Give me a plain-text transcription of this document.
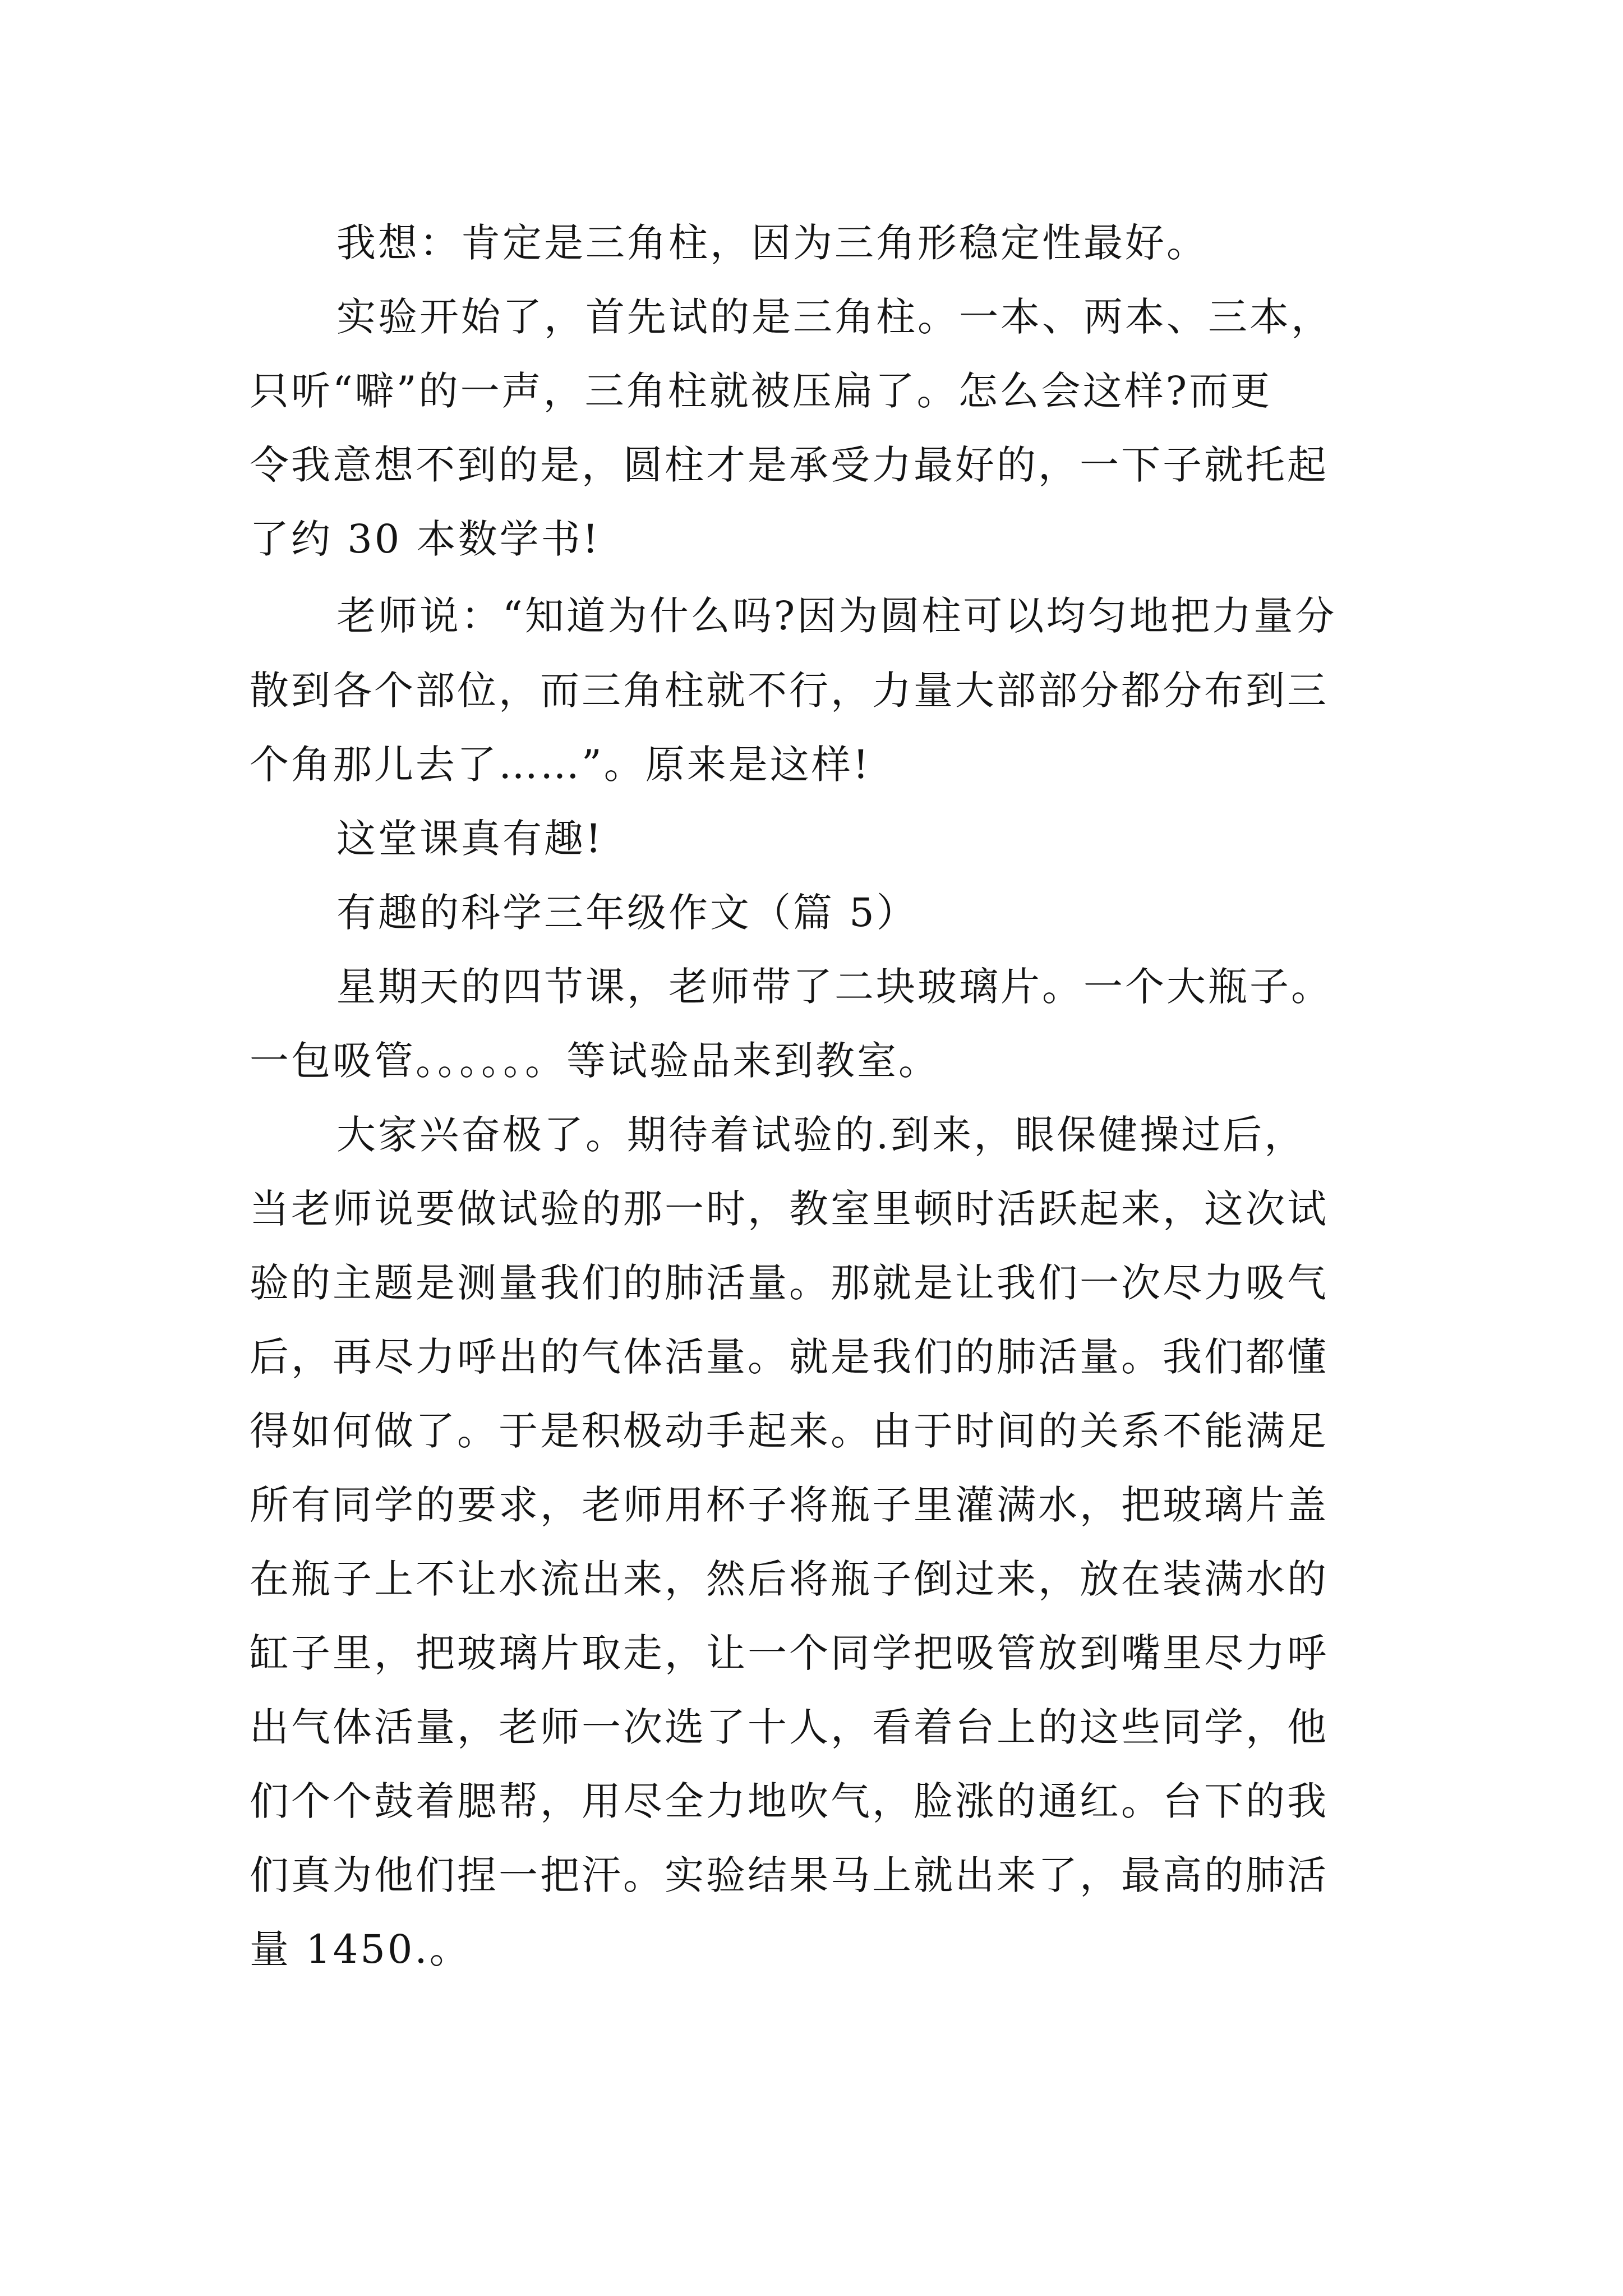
我想：肯定是三角柱，因为三角形稳定性最好。
实验开始了，首先试的是三角柱。一本、两本、三本，
只听“噼”的一声，三角柱就被压扁了。怎么会这样?而更
令我意想不到的是，圆柱才是承受力最好的，一下子就托起
了约 30 本数学书!
老师说：“知道为什么吗?因为圆柱可以均匀地把力量分
散到各个部位，而三角柱就不行，力量大部部分都分布到三
个角那儿去了……”。原来是这样!
这堂课真有趣!
有趣的科学三年级作文（篇 5）
星期天的四节课，老师带了二块玻璃片。一个大瓶子。
一包吸管。。。。。。等试验品来到教室。
大家兴奋极了。期待着试验的.到来，眼保健操过后，
当老师说要做试验的那一时，教室里顿时活跃起来，这次试
验的主题是测量我们的肺活量。那就是让我们一次尽力吸气
后，再尽力呼出的气体活量。就是我们的肺活量。我们都懂
得如何做了。于是积极动手起来。由于时间的关系不能满足
所有同学的要求，老师用杯子将瓶子里灌满水，把玻璃片盖
在瓶子上不让水流出来，然后将瓶子倒过来，放在装满水的
缸子里，把玻璃片取走，让一个同学把吸管放到嘴里尽力呼
出气体活量，老师一次选了十人，看着台上的这些同学，他
们个个鼓着腮帮，用尽全力地吹气，脸涨的通红。台下的我
们真为他们捏一把汗。实验结果马上就出来了，最高的肺活
量 1450.。
